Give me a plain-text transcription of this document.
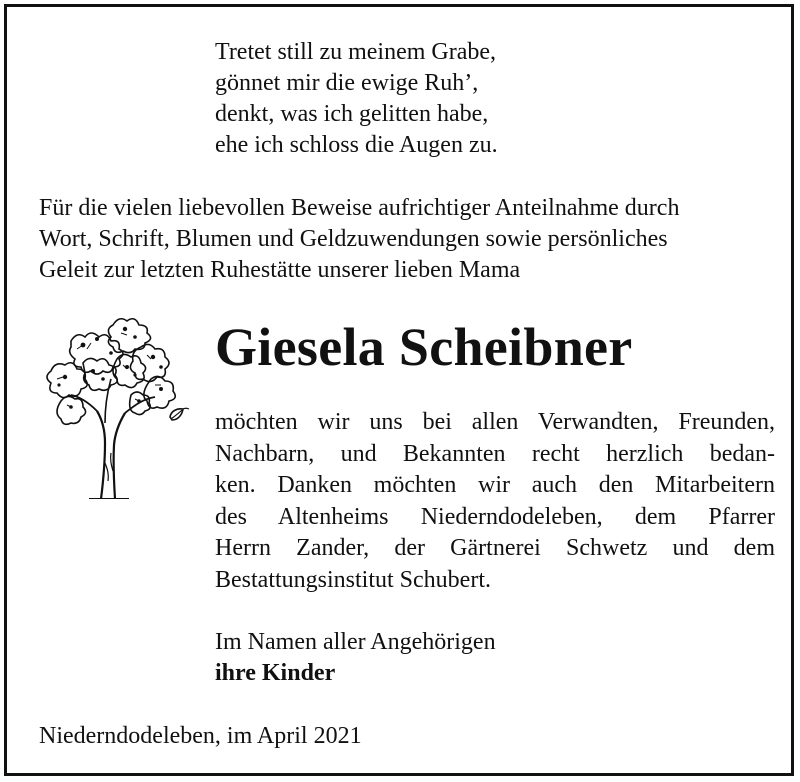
Tretet still zu meinem Grabe,
gönnet mir die ewige Ruh’,
denkt, was ich gelitten habe,
ehe ich schloss die Augen zu.
Für die vielen liebevollen Beweise aufrichtiger Anteilnahme durch
Wort, Schrift, Blumen und Geldzuwendungen sowie persönliches
Geleit zur letzten Ruhestätte unserer lieben Mama
Giesela Scheibner
möchten wir uns bei allen Verwandten, Freunden,
Nachbarn, und Bekannten recht herzlich bedan-
ken. Danken möchten wir auch den Mitarbeitern
des Altenheims Niederndodeleben, dem Pfarrer
Herrn Zander, der Gärtnerei Schwetz und dem
Bestattungsinstitut Schubert.
Im Namen aller Angehörigen
ihre Kinder
Niederndodeleben, im April 2021
